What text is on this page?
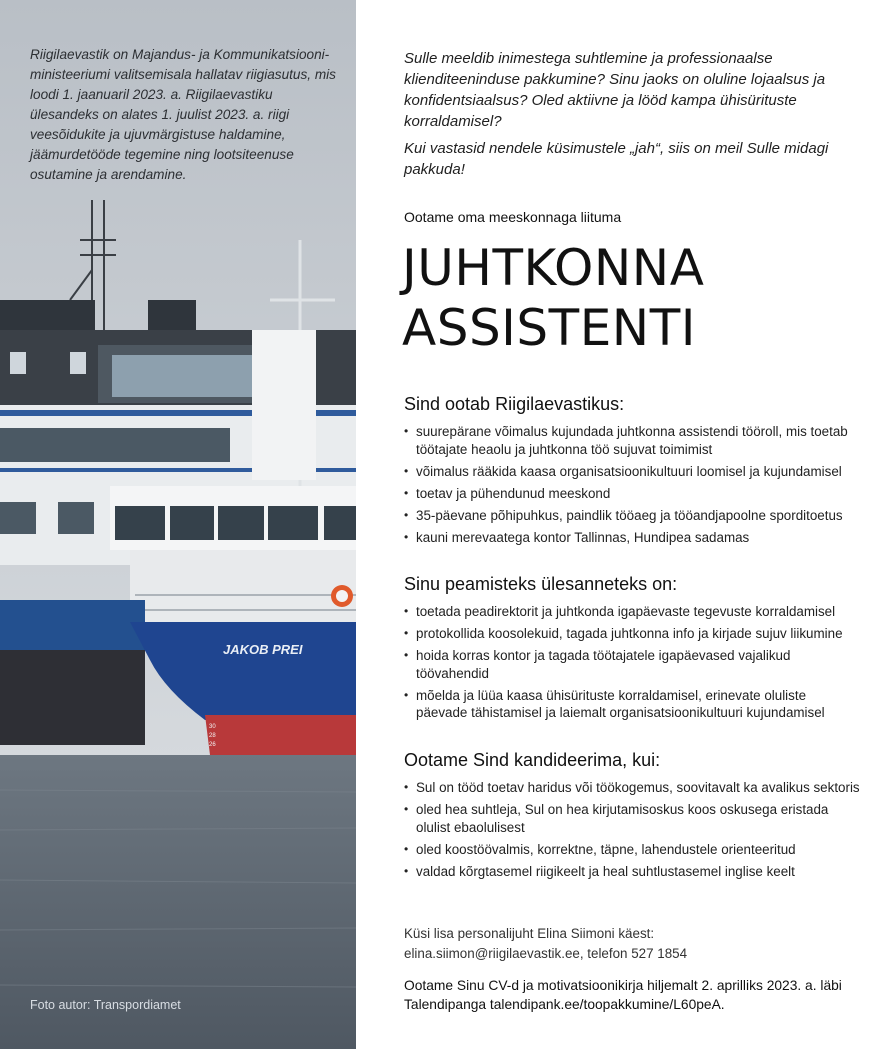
JAKOB PREI
30
28
26

Riigilaevastik on Majandus- ja Kommunikatsiooni-ministeeriumi valitsemisala hallatav riigiasutus, mis loodi 1. jaanuaril 2023. a. Riigilaevastiku ülesandeks on alates 1. juulist 2023. a. riigi veesõidukite ja ujuvmärgistuse haldamine, jäämurdetööde tegemine ning lootsiteenuse osutamine ja arendamine.

Foto autor: Transpordiamet

Sulle meeldib inimestega suhtlemine ja professionaalse klienditeeninduse pakkumine? Sinu jaoks on oluline lojaalsus ja konfidentsiaalsus? Oled aktiivne ja lööd kampa ühisürituste korraldamisel?

Kui vastasid nendele küsimustele „jah“, siis on meil Sulle midagi pakkuda!

Ootame oma meeskonnaga liituma

JUHTKONNA
ASSISTENTI
Sind ootab Riigilaevastikus:
• suurepärane võimalus kujundada juhtkonna assistendi tööroll, mis toetab töötajate heaolu ja juhtkonna töö sujuvat toimimist
• võimalus rääkida kaasa organisatsioonikultuuri loomisel ja kujundamisel
• toetav ja pühendunud meeskond
• 35-päevane põhipuhkus, paindlik tööaeg ja tööandjapoolne sporditoetus
• kauni merevaatega kontor Tallinnas, Hundipea sadamas
Sinu peamisteks ülesanneteks on:
• toetada peadirektorit ja juhtkonda igapäevaste tegevuste korraldamisel
• protokollida koosolekuid, tagada juhtkonna info ja kirjade sujuv liikumine
• hoida korras kontor ja tagada töötajatele igapäevased vajalikud töövahendid
• mõelda ja lüüa kaasa ühisürituste korraldamisel, erinevate oluliste päevade tähistamisel ja laiemalt organisatsioonikultuuri kujundamisel
Ootame Sind kandideerima, kui:
• Sul on tööd toetav haridus või töökogemus, soovitavalt ka avalikus sektoris
• oled hea suhtleja, Sul on hea kirjutamisoskus koos oskusega eristada olulist ebaolulisest
• oled koostöövalmis, korrektne, täpne, lahendustele orienteeritud
• valdad kõrgtasemel riigikeelt ja heal suhtlustasemel inglise keelt

Küsi lisa personalijuht Elina Siimoni käest:
elina.siimon@riigilaevastik.ee, telefon 527 1854

Ootame Sinu CV-d ja motivatsioonikirja hiljemalt 2. aprilliks 2023. a. läbi Talendipanga talendipank.ee/toopakkumine/L60peA.
